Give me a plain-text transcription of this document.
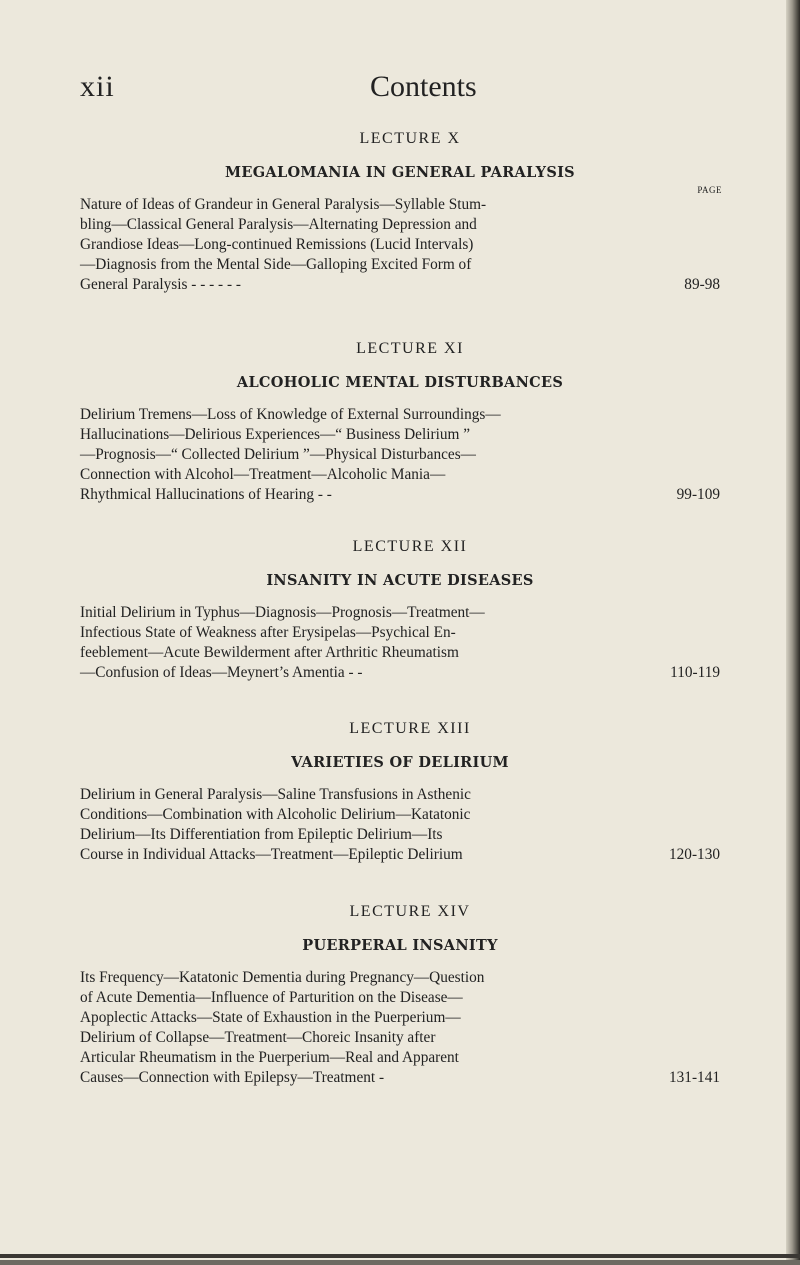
xii	Contents
LECTURE X
MEGALOMANIA IN GENERAL PARALYSIS
PAGE
Nature of Ideas of Grandeur in General Paralysis—Syllable Stum-
bling—Classical General Paralysis—Alternating Depression and
Grandiose Ideas—Long-continued Remissions (Lucid Intervals)
—Diagnosis from the Mental Side—Galloping Excited Form of
General Paralysis - - - - - -	89-98
LECTURE XI
ALCOHOLIC MENTAL DISTURBANCES
Delirium Tremens—Loss of Knowledge of External Surroundings—
Hallucinations—Delirious Experiences—“ Business Delirium ”
—Prognosis—“ Collected Delirium ”—Physical Disturbances—
Connection with Alcohol—Treatment—Alcoholic Mania—
Rhythmical Hallucinations of Hearing - -	99-109
LECTURE XII
INSANITY IN ACUTE DISEASES
Initial Delirium in Typhus—Diagnosis—Prognosis—Treatment—
Infectious State of Weakness after Erysipelas—Psychical En-
feeblement—Acute Bewilderment after Arthritic Rheumatism
—Confusion of Ideas—Meynert’s Amentia - -	110-119
LECTURE XIII
VARIETIES OF DELIRIUM
Delirium in General Paralysis—Saline Transfusions in Asthenic
Conditions—Combination with Alcoholic Delirium—Katatonic
Delirium—Its Differentiation from Epileptic Delirium—Its
Course in Individual Attacks—Treatment—Epileptic Delirium	120-130
LECTURE XIV
PUERPERAL INSANITY
Its Frequency—Katatonic Dementia during Pregnancy—Question
of Acute Dementia—Influence of Parturition on the Disease—
Apoplectic Attacks—State of Exhaustion in the Puerperium—
Delirium of Collapse—Treatment—Choreic Insanity after
Articular Rheumatism in the Puerperium—Real and Apparent
Causes—Connection with Epilepsy—Treatment -	131-141
